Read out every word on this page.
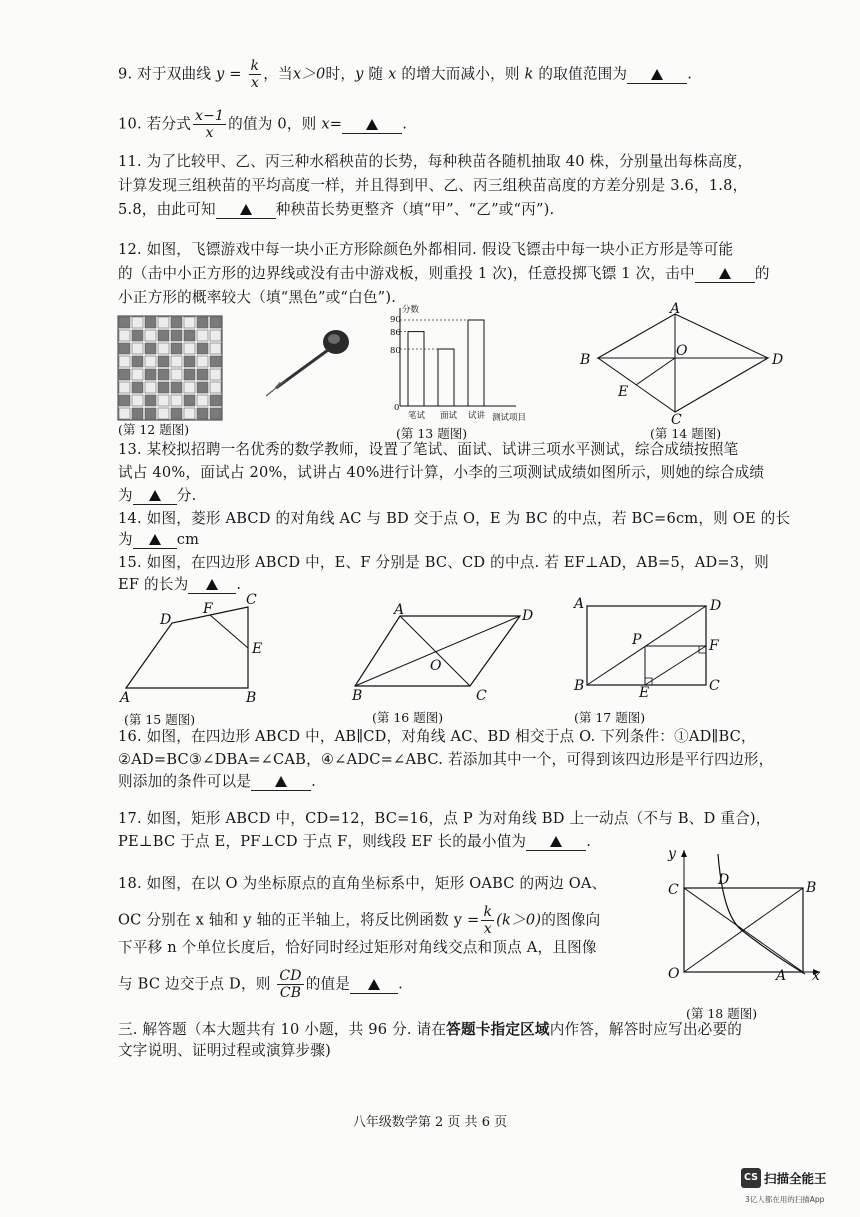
9. 对于双曲线 $y = \frac{k}{x}$ ，当x＞0时，y 随 x 的增大而减小，则 k 的取值范围为	.
10. 若分式 $\frac{x-1}{x}$ 的值为 0，则 x=	.
11. 为了比较甲、乙、丙三种水稻秧苗的长势，每种秧苗各随机抽取 40 株，分别量出每株高度，
计算发现三组秧苗的平均高度一样，并且得到甲、乙、丙三组秧苗高度的方差分别是 3.6，1.8，
5.8，由此可知	种秧苗长势更整齐（填“甲”、“乙”或“丙”).
12. 如图，飞镖游戏中每一块小正方形除颜色外都相同. 假设飞镖击中每一块小正方形是等可能
的（击中小正方形的边界线或没有击中游戏板，则重投 1 次)，任意投掷飞镖 1 次，击中	的
小正方形的概率较大（填“黑色”或“白色”).
(第 12 题图)
分数
90
86
80
0
笔试 面试 试讲 测试项目
(第 13 题图)
A
B
C
D
O
E
(第 14 题图)
13. 某校拟招聘一名优秀的数学教师，设置了笔试、面试、试讲三项水平测试，综合成绩按照笔
试占 40%，面试占 20%，试讲占 40%进行计算，小李的三项测试成绩如图所示，则她的综合成绩
为	分.
14. 如图，菱形 ABCD 的对角线 AC 与 BD 交于点 O，E 为 BC 的中点，若 BC=6cm，则 OE 的长
为	cm
15. 如图，在四边形 ABCD 中，E、F 分别是 BC、CD 的中点. 若 EF⊥AD，AB=5，AD=3，则
EF 的长为	.
A	B
C
D
E
F
(第 15 题图)
A	D
B	C
O
(第 16 题图)
A	D
B	C
P
E
F
(第 17 题图)
16. 如图，在四边形 ABCD 中，AB∥CD，对角线 AC、BD 相交于点 O. 下列条件：①AD∥BC，
②AD=BC③∠DBA=∠CAB，④∠ADC=∠ABC. 若添加其中一个，可得到该四边形是平行四边形，
则添加的条件可以是	.
17. 如图，矩形 ABCD 中，CD=12，BC=16，点 P 为对角线 BD 上一动点（不与 B、D 重合)，
PE⊥BC 于点 E，PF⊥CD 于点 F，则线段 EF 长的最小值为	.
18. 如图，在以 O 为坐标原点的直角坐标系中，矩形 OABC 的两边 OA、
OC 分别在 x 轴和 y 轴的正半轴上，将反比例函数 $y = \frac{k}{x} (k>0)$的图像向
下平移 n 个单位长度后，恰好同时经过矩形对角线交点和顶点 A，且图像
与 BC 边交于点 D，则 $\frac{CD}{CB}$ 的值是	.
y
x
O	A
B
C
D
(第 18 题图)
三. 解答题（本大题共有 10 小题，共 96 分. 请在答题卡指定区域内作答，解答时应写出必要的
文字说明、证明过程或演算步骤)
八年级数学第 2 页 共 6 页
CS 扫描全能王
3亿人都在用的扫描App
